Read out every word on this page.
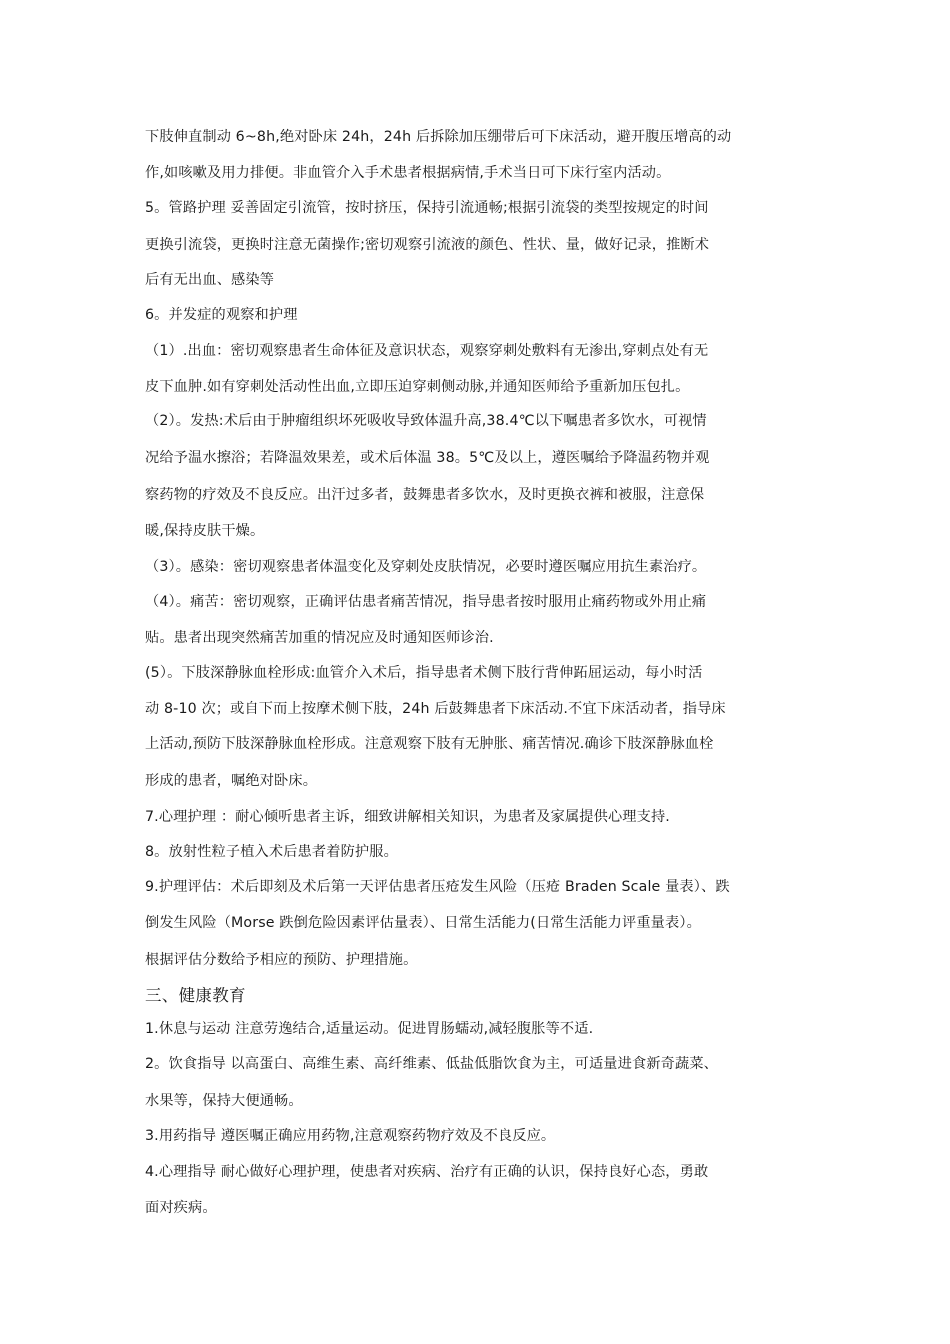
下肢伸直制动 6~8h,绝对卧床 24h，24h 后拆除加压绷带后可下床活动，避开腹压增高的动
作,如咳嗽及用力排便。非血管介入手术患者根据病情,手术当日可下床行室内活动。
5。管路护理 妥善固定引流管，按时挤压，保持引流通畅;根据引流袋的类型按规定的时间
更换引流袋，更换时注意无菌操作;密切观察引流液的颜色、性状、量，做好记录，推断术
后有无出血、感染等
6。并发症的观察和护理
（1）.出血：密切观察患者生命体征及意识状态，观察穿刺处敷料有无渗出,穿刺点处有无
皮下血肿.如有穿刺处活动性出血,立即压迫穿刺侧动脉,并通知医师给予重新加压包扎。
（2）。发热:术后由于肿瘤组织坏死吸收导致体温升高,38.4℃以下嘱患者多饮水，可视情
况给予温水擦浴；若降温效果差，或术后体温 38。5℃及以上，遵医嘱给予降温药物并观
察药物的疗效及不良反应。出汗过多者，鼓舞患者多饮水，及时更换衣裤和被服，注意保
暖,保持皮肤干燥。
（3）。感染：密切观察患者体温变化及穿刺处皮肤情况，必要时遵医嘱应用抗生素治疗。
（4）。痛苦：密切观察，正确评估患者痛苦情况，指导患者按时服用止痛药物或外用止痛
贴。患者出现突然痛苦加重的情况应及时通知医师诊治.
(5）。下肢深静脉血栓形成:血管介入术后，指导患者术侧下肢行背伸跖屈运动，每小时活
动 8-10 次；或自下而上按摩术侧下肢，24h 后鼓舞患者下床活动.不宜下床活动者，指导床
上活动,预防下肢深静脉血栓形成。注意观察下肢有无肿胀、痛苦情况.确诊下肢深静脉血栓
形成的患者，嘱绝对卧床。
7.心理护理 ：耐心倾听患者主诉，细致讲解相关知识，为患者及家属提供心理支持.
8。放射性粒子植入术后患者着防护服。
9.护理评估：术后即刻及术后第一天评估患者压疮发生风险（压疮 Braden Scale 量表）、跌
倒发生风险（Morse 跌倒危险因素评估量表）、日常生活能力(日常生活能力评重量表）。
根据评估分数给予相应的预防、护理措施。
三、健康教育
1.休息与运动 注意劳逸结合,适量运动。促进胃肠蠕动,减轻腹胀等不适.
2。饮食指导 以高蛋白、高维生素、高纤维素、低盐低脂饮食为主，可适量进食新奇蔬菜、
水果等，保持大便通畅。
3.用药指导 遵医嘱正确应用药物,注意观察药物疗效及不良反应。
4.心理指导 耐心做好心理护理，使患者对疾病、治疗有正确的认识，保持良好心态，勇敢
面对疾病。
